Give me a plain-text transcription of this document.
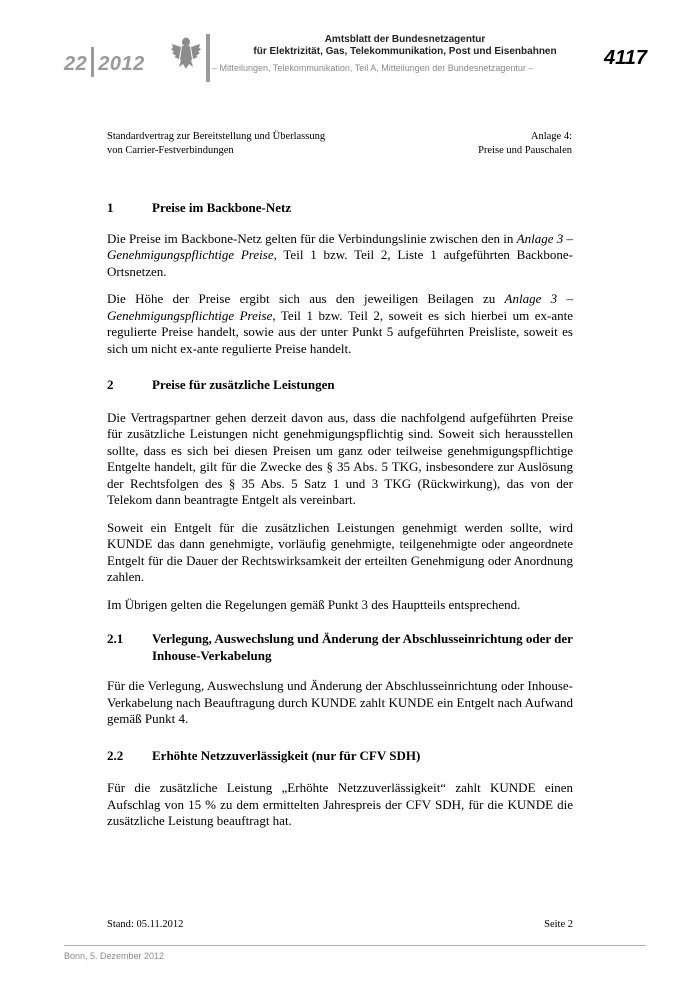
22 2012
Amtsblatt der Bundesnetzagentur
für Elektrizität, Gas, Telekommunikation, Post und Eisenbahnen
– Mitteilungen, Telekommunikation, Teil A, Mitteilungen der Bundesnetzagentur –	4117
Standardvertrag zur Bereitstellung und Überlassung
von Carrier-Festverbindungen
Anlage 4:
Preise und Pauschalen
1	Preise im Backbone-Netz

Die Preise im Backbone-Netz gelten für die Verbindungslinie zwischen den in Anlage 3 – Genehmigungspflichtige Preise, Teil 1 bzw. Teil 2, Liste 1 aufgeführten Backbone-Ortsnetzen.

Die Höhe der Preise ergibt sich aus den jeweiligen Beilagen zu Anlage 3 – Genehmigungspflichtige Preise, Teil 1 bzw. Teil 2, soweit es sich hierbei um ex-ante regulierte Preise handelt, sowie aus der unter Punkt 5 aufgeführten Preisliste, soweit es sich um nicht ex-ante regulierte Preise handelt.

2	Preise für zusätzliche Leistungen

Die Vertragspartner gehen derzeit davon aus, dass die nachfolgend aufgeführten Preise für zusätzliche Leistungen nicht genehmigungspflichtig sind. Soweit sich herausstellen sollte, dass es sich bei diesen Preisen um ganz oder teilweise genehmigungspflichtige Entgelte handelt, gilt für die Zwecke des § 35 Abs. 5 TKG, insbesondere zur Auslösung der Rechtsfolgen des § 35 Abs. 5 Satz 1 und 3 TKG (Rückwirkung), das von der Telekom dann beantragte Entgelt als vereinbart.

Soweit ein Entgelt für die zusätzlichen Leistungen genehmigt werden sollte, wird KUNDE das dann genehmigte, vorläufig genehmigte, teilgenehmigte oder angeordnete Entgelt für die Dauer der Rechtswirksamkeit der erteilten Genehmigung oder Anordnung zahlen.

Im Übrigen gelten die Regelungen gemäß Punkt 3 des Hauptteils entsprechend.

2.1	Verlegung, Auswechslung und Änderung der Abschlusseinrichtung oder der Inhouse-Verkabelung

Für die Verlegung, Auswechslung und Änderung der Abschlusseinrichtung oder Inhouse-Verkabelung nach Beauftragung durch KUNDE zahlt KUNDE ein Entgelt nach Aufwand gemäß Punkt 4.

2.2	Erhöhte Netzzuverlässigkeit (nur für CFV SDH)

Für die zusätzliche Leistung „Erhöhte Netzzuverlässigkeit“ zahlt KUNDE einen Aufschlag von 15 % zu dem ermittelten Jahrespreis der CFV SDH, für die KUNDE die zusätzliche Leistung beauftragt hat.

Stand: 05.11.2012	Seite 2
Bonn, 5. Dezember 2012
